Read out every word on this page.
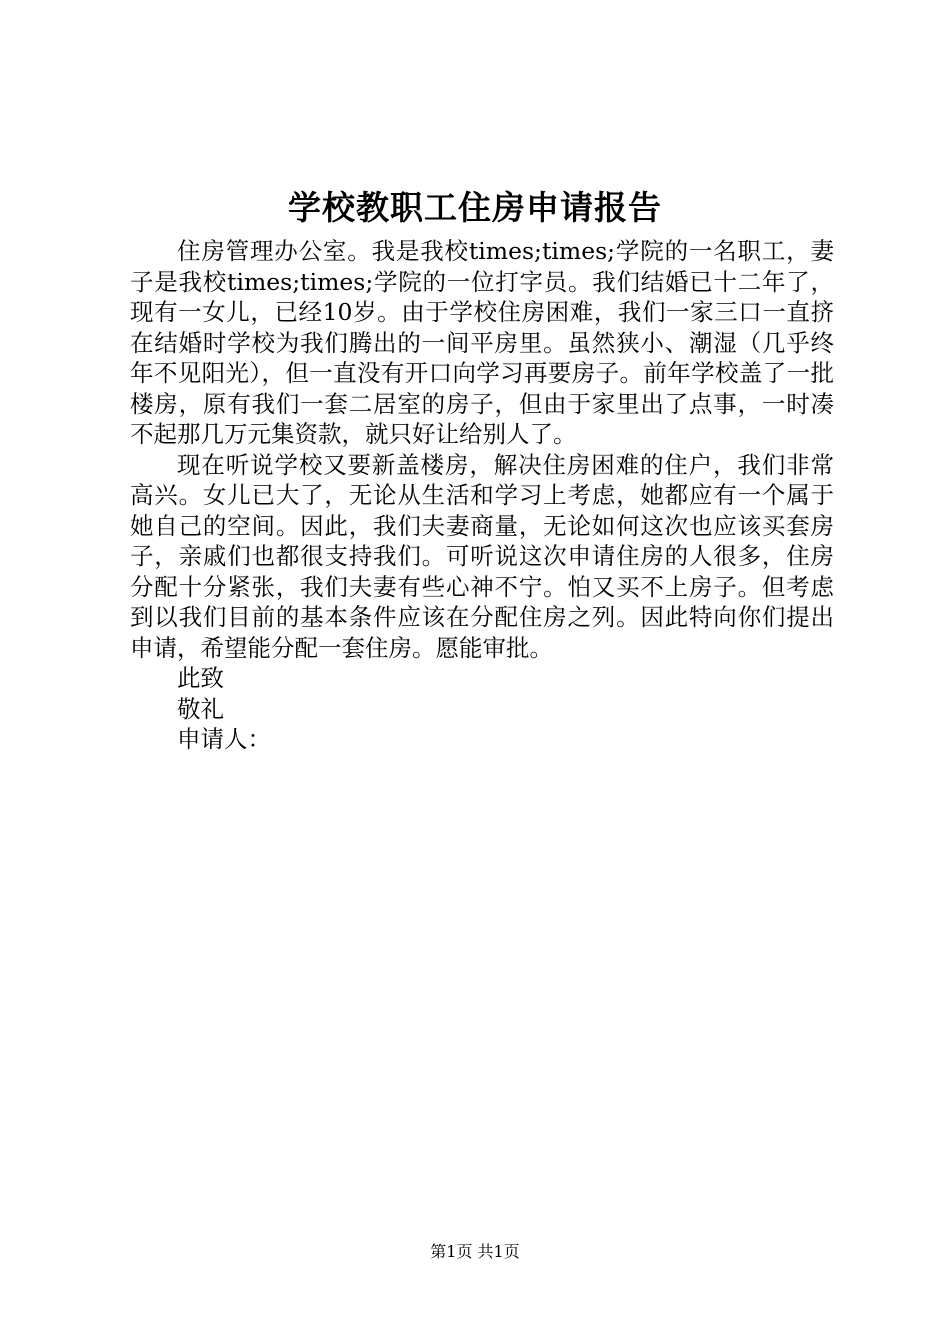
学校教职工住房申请报告

住房管理办公室。我是我校times;times;学院的一名职工，妻子是我校times;times;学院的一位打字员。我们结婚已十二年了，现有一女儿，已经10岁。由于学校住房困难，我们一家三口一直挤在结婚时学校为我们腾出的一间平房里。虽然狭小、潮湿（几乎终年不见阳光），但一直没有开口向学习再要房子。前年学校盖了一批楼房，原有我们一套二居室的房子，但由于家里出了点事，一时凑不起那几万元集资款，就只好让给别人了。

现在听说学校又要新盖楼房，解决住房困难的住户，我们非常高兴。女儿已大了，无论从生活和学习上考虑，她都应有一个属于她自己的空间。因此，我们夫妻商量，无论如何这次也应该买套房子，亲戚们也都很支持我们。可听说这次申请住房的人很多，住房分配十分紧张，我们夫妻有些心神不宁。怕又买不上房子。但考虑到以我们目前的基本条件应该在分配住房之列。因此特向你们提出申请，希望能分配一套住房。愿能审批。

此致

敬礼

申请人：

第1页 共1页
